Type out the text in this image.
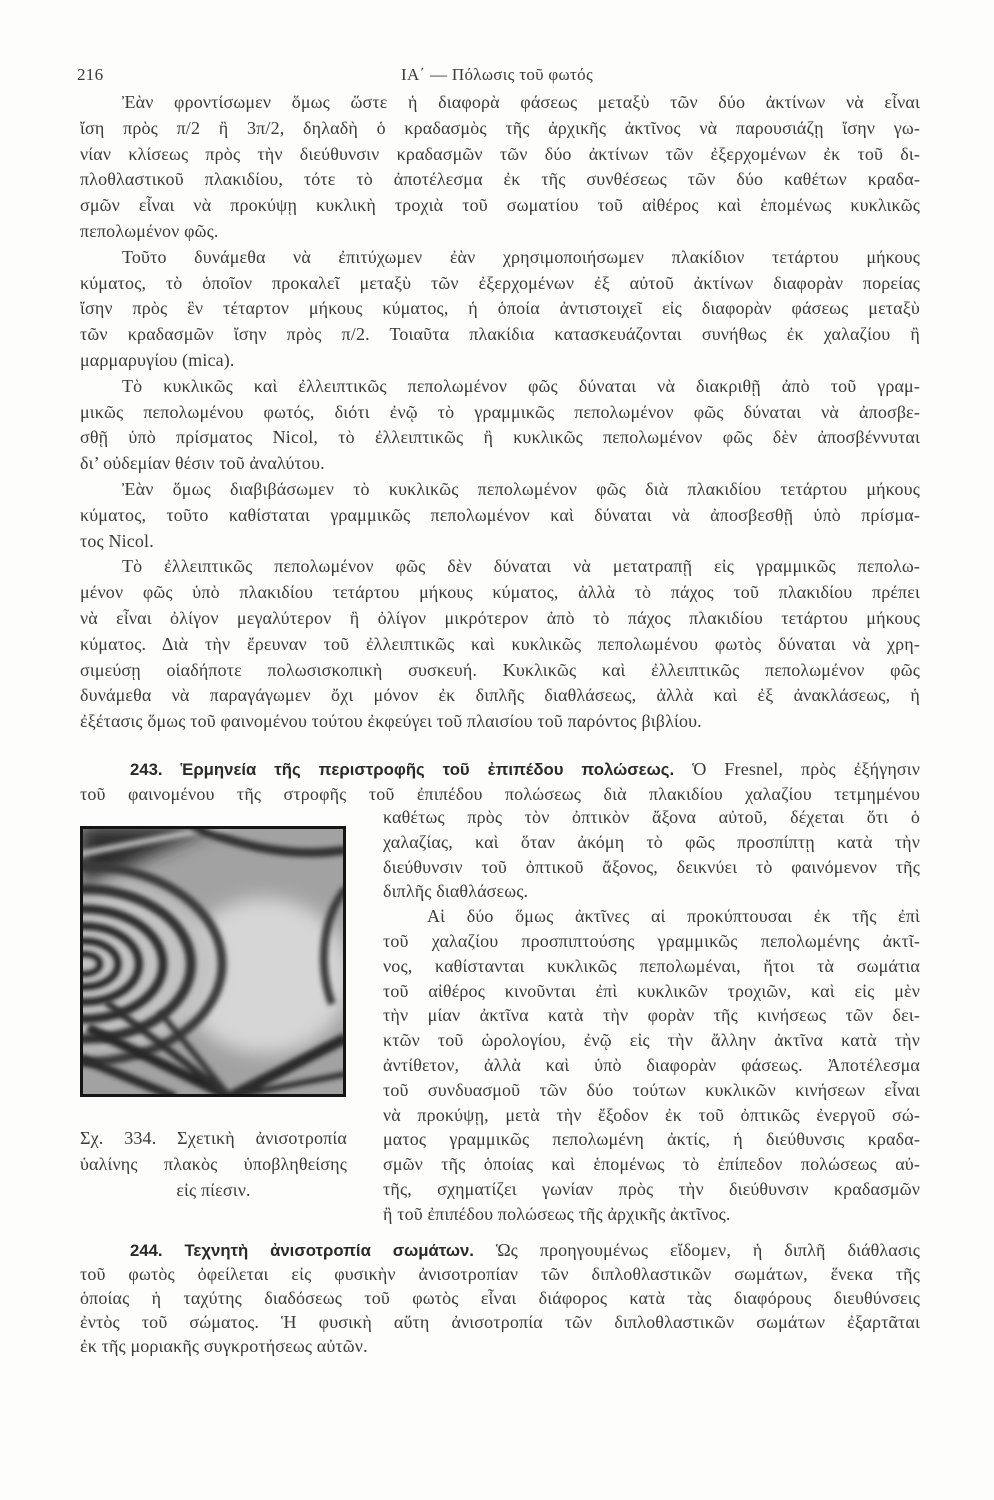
216	ΙΑ΄ — Πόλωσις τοῦ φωτός
Ἐὰν φροντίσωμεν ὅμως ὥστε ἡ διαφορὰ φάσεως μεταξὺ τῶν δύο ἀκτίνων νὰ εἶναι
ἴση πρὸς π/2 ἢ 3π/2, δηλαδὴ ὁ κραδασμὸς τῆς ἀρχικῆς ἀκτῖνος νὰ παρουσιάζῃ ἴσην γω-
νίαν κλίσεως πρὸς τὴν διεύθυνσιν κραδασμῶν τῶν δύο ἀκτίνων τῶν ἐξερχομένων ἐκ τοῦ δι-
πλοθλαστικοῦ πλακιδίου, τότε τὸ ἀποτέλεσμα ἐκ τῆς συνθέσεως τῶν δύο καθέτων κραδα-
σμῶν εἶναι νὰ προκύψῃ κυκλικὴ τροχιὰ τοῦ σωματίου τοῦ αἰθέρος καὶ ἑπομένως κυκλικῶς
πεπολωμένον φῶς.
Τοῦτο δυνάμεθα νὰ ἐπιτύχωμεν ἐὰν χρησιμοποιήσωμεν πλακίδιον τετάρτου μήκους
κύματος, τὸ ὁποῖον προκαλεῖ μεταξὺ τῶν ἐξερχομένων ἐξ αὐτοῦ ἀκτίνων διαφορὰν πορείας
ἴσην πρὸς ἓν τέταρτον μήκους κύματος, ἡ ὁποία ἀντιστοιχεῖ εἰς διαφορὰν φάσεως μεταξὺ
τῶν κραδασμῶν ἴσην πρὸς π/2. Τοιαῦτα πλακίδια κατασκευάζονται συνήθως ἐκ χαλαζίου ἢ
μαρμαρυγίου (mica).
Τὸ κυκλικῶς καὶ ἐλλειπτικῶς πεπολωμένον φῶς δύναται νὰ διακριθῇ ἀπὸ τοῦ γραμ-
μικῶς πεπολωμένου φωτός, διότι ἐνῷ τὸ γραμμικῶς πεπολωμένον φῶς δύναται νὰ ἀποσβε-
σθῇ ὑπὸ πρίσματος Nicol, τὸ ἐλλειπτικῶς ἢ κυκλικῶς πεπολωμένον φῶς δὲν ἀποσβέννυται
δι’ οὐδεμίαν θέσιν τοῦ ἀναλύτου.
Ἐὰν ὅμως διαβιβάσωμεν τὸ κυκλικῶς πεπολωμένον φῶς διὰ πλακιδίου τετάρτου μήκους
κύματος, τοῦτο καθίσταται γραμμικῶς πεπολωμένον καὶ δύναται νὰ ἀποσβεσθῇ ὑπὸ πρίσμα-
τος Nicol.
Τὸ ἐλλειπτικῶς πεπολωμένον φῶς δὲν δύναται νὰ μετατραπῇ εἰς γραμμικῶς πεπολω-
μένον φῶς ὑπὸ πλακιδίου τετάρτου μήκους κύματος, ἀλλὰ τὸ πάχος τοῦ πλακιδίου πρέπει
νὰ εἶναι ὀλίγον μεγαλύτερον ἢ ὀλίγον μικρότερον ἀπὸ τὸ πάχος πλακιδίου τετάρτου μήκους
κύματος. Διὰ τὴν ἔρευναν τοῦ ἐλλειπτικῶς καὶ κυκλικῶς πεπολωμένου φωτὸς δύναται νὰ χρη-
σιμεύσῃ οἱαδήποτε πολωσισκοπικὴ συσκευή. Κυκλικῶς καὶ ἐλλειπτικῶς πεπολωμένον φῶς
δυνάμεθα νὰ παραγάγωμεν ὄχι μόνον ἐκ διπλῆς διαθλάσεως, ἀλλὰ καὶ ἐξ ἀνακλάσεως, ἡ
ἐξέτασις ὅμως τοῦ φαινομένου τούτου ἐκφεύγει τοῦ πλαισίου τοῦ παρόντος βιβλίου.
243. Ἑρμηνεία τῆς περιστροφῆς τοῦ ἐπιπέδου πολώσεως. Ὁ Fresnel, πρὸς ἐξήγησιν
τοῦ φαινομένου τῆς στροφῆς τοῦ ἐπιπέδου πολώσεως διὰ πλακιδίου χαλαζίου τετμημένου
καθέτως πρὸς τὸν ὀπτικὸν ἄξονα αὐτοῦ, δέχεται ὅτι ὁ
χαλαζίας, καὶ ὅταν ἀκόμη τὸ φῶς προσπίπτῃ κατὰ τὴν
διεύθυνσιν τοῦ ὀπτικοῦ ἄξονος, δεικνύει τὸ φαινόμενον τῆς
διπλῆς διαθλάσεως.
Αἱ δύο ὅμως ἀκτῖνες αἱ προκύπτουσαι ἐκ τῆς ἐπὶ
τοῦ χαλαζίου προσπιπτούσης γραμμικῶς πεπολωμένης ἀκτῖ-
νος, καθίστανται κυκλικῶς πεπολωμέναι, ἤτοι τὰ σωμάτια
τοῦ αἰθέρος κινοῦνται ἐπὶ κυκλικῶν τροχιῶν, καὶ εἰς μὲν
τὴν μίαν ἀκτῖνα κατὰ τὴν φορὰν τῆς κινήσεως τῶν δει-
κτῶν τοῦ ὡρολογίου, ἐνῷ εἰς τὴν ἄλλην ἀκτῖνα κατὰ τὴν
ἀντίθετον, ἀλλὰ καὶ ὑπὸ διαφορὰν φάσεως. Ἀποτέλεσμα
τοῦ συνδυασμοῦ τῶν δύο τούτων κυκλικῶν κινήσεων εἶναι
νὰ προκύψῃ, μετὰ τὴν ἔξοδον ἐκ τοῦ ὀπτικῶς ἐνεργοῦ σώ-
ματος γραμμικῶς πεπολωμένη ἀκτίς, ἡ διεύθυνσις κραδα-
σμῶν τῆς ὁποίας καὶ ἑπομένως τὸ ἐπίπεδον πολώσεως αὐ-
τῆς, σχηματίζει γωνίαν πρὸς τὴν διεύθυνσιν κραδασμῶν
ἢ τοῦ ἐπιπέδου πολώσεως τῆς ἀρχικῆς ἀκτῖνος.
Σχ. 334. Σχετικὴ ἀνισοτροπία
ὑαλίνης πλακὸς ὑποβληθείσης
εἰς πίεσιν.
244. Τεχνητὴ ἀνισοτροπία σωμάτων. Ὡς προηγουμένως εἴδομεν, ἡ διπλῆ διάθλασις
τοῦ φωτὸς ὀφείλεται εἰς φυσικὴν ἀνισοτροπίαν τῶν διπλοθλαστικῶν σωμάτων, ἕνεκα τῆς
ὁποίας ἡ ταχύτης διαδόσεως τοῦ φωτὸς εἶναι διάφορος κατὰ τὰς διαφόρους διευθύνσεις
ἐντὸς τοῦ σώματος. Ἡ φυσικὴ αὕτη ἀνισοτροπία τῶν διπλοθλαστικῶν σωμάτων ἐξαρτᾶται
ἐκ τῆς μοριακῆς συγκροτήσεως αὐτῶν.
